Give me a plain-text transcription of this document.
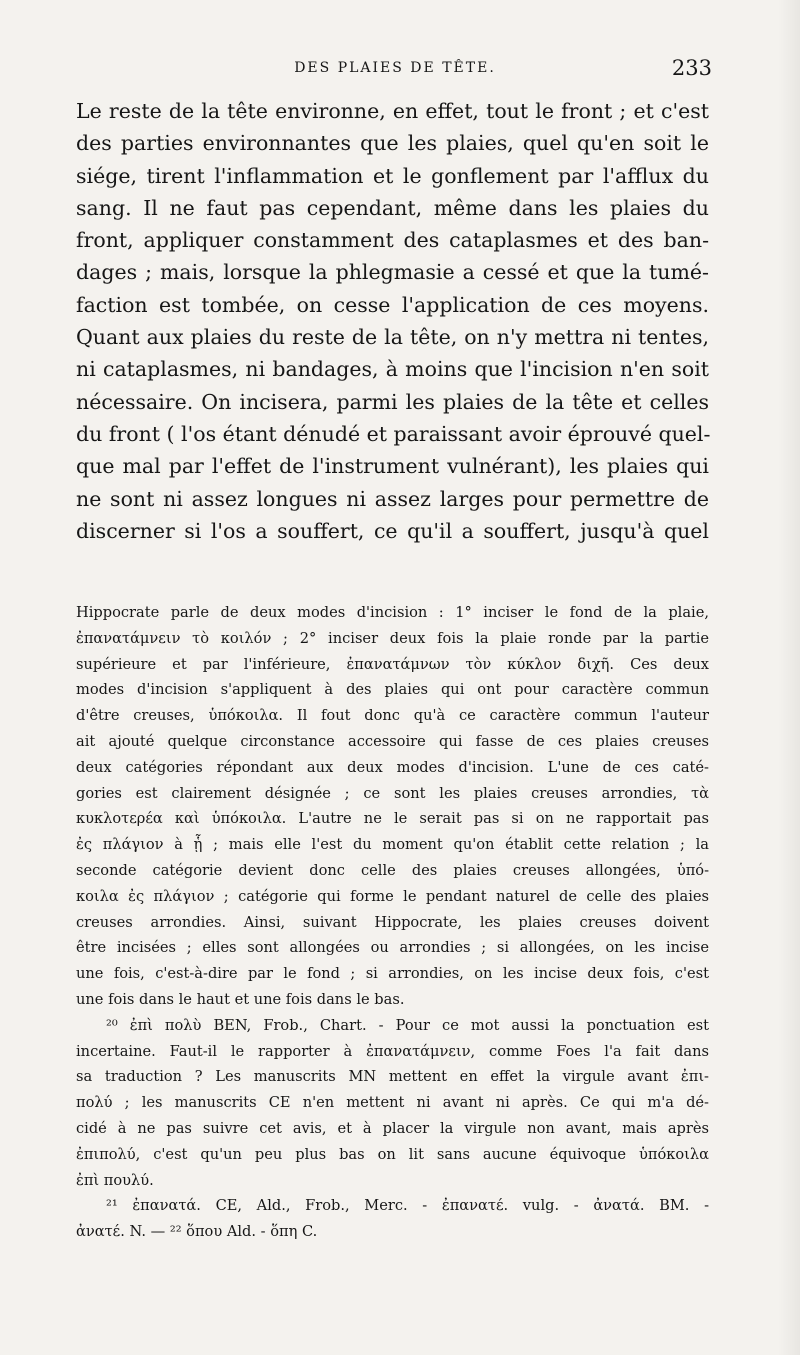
DES PLAIES DE TÊTE.	233
Le reste de la tête environne, en effet, tout le front ; et c'est
des parties environnantes que les plaies, quel qu'en soit le
siége, tirent l'inflammation et le gonflement par l'afflux du
sang. Il ne faut pas cependant, même dans les plaies du
front, appliquer constamment des cataplasmes et des ban-
dages ; mais, lorsque la phlegmasie a cessé et que la tumé-
faction est tombée, on cesse l'application de ces moyens.
Quant aux plaies du reste de la tête, on n'y mettra ni tentes,
ni cataplasmes, ni bandages, à moins que l'incision n'en soit
nécessaire. On incisera, parmi les plaies de la tête et celles
du front ( l'os étant dénudé et paraissant avoir éprouvé quel-
que mal par l'effet de l'instrument vulnérant), les plaies qui
ne sont ni assez longues ni assez larges pour permettre de
discerner si l'os a souffert, ce qu'il a souffert, jusqu'à quel
Hippocrate parle de deux modes d'incision : 1° inciser le fond de la plaie,
ἐπανατάμνειν τὸ κοιλόν ; 2° inciser deux fois la plaie ronde par la partie
supérieure et par l'inférieure, ἐπανατάμνων τὸν κύκλον διχῆ. Ces deux
modes d'incision s'appliquent à des plaies qui ont pour caractère commun
d'être creuses, ὑπόκοιλα. Il fout donc qu'à ce caractère commun l'auteur
ait ajouté quelque circonstance accessoire qui fasse de ces plaies creuses
deux catégories répondant aux deux modes d'incision. L'une de ces caté-
gories est clairement désignée ; ce sont les plaies creuses arrondies, τὰ
κυκλοτερέα καὶ ὑπόκοιλα. L'autre ne le serait pas si on ne rapportait pas
ἐς πλάγιον à ᾗ ; mais elle l'est du moment qu'on établit cette relation ; la
seconde catégorie devient donc celle des plaies creuses allongées, ὑπό-
κοιλα ἐς πλάγιον ; catégorie qui forme le pendant naturel de celle des plaies
creuses arrondies. Ainsi, suivant Hippocrate, les plaies creuses doivent
être incisées ; elles sont allongées ou arrondies ; si allongées, on les incise
une fois, c'est-à-dire par le fond ; si arrondies, on les incise deux fois, c'est
une fois dans le haut et une fois dans le bas.
²⁰ ἐπὶ πολὺ BEN, Frob., Chart. - Pour ce mot aussi la ponctuation est
incertaine. Faut-il le rapporter à ἐπανατάμνειν, comme Foes l'a fait dans
sa traduction ? Les manuscrits MN mettent en effet la virgule avant ἐπι-
πολύ ; les manuscrits CE n'en mettent ni avant ni après. Ce qui m'a dé-
cidé à ne pas suivre cet avis, et à placer la virgule non avant, mais après
ἐπιπολύ, c'est qu'un peu plus bas on lit sans aucune équivoque ὑπόκοιλα
ἐπὶ πουλύ.
²¹ ἐπανατά. CE, Ald., Frob., Merc. - ἐπανατέ. vulg. - ἀνατά. BM. -
ἀνατέ. N. — ²² ὅπου Ald. - ὅπη C.
